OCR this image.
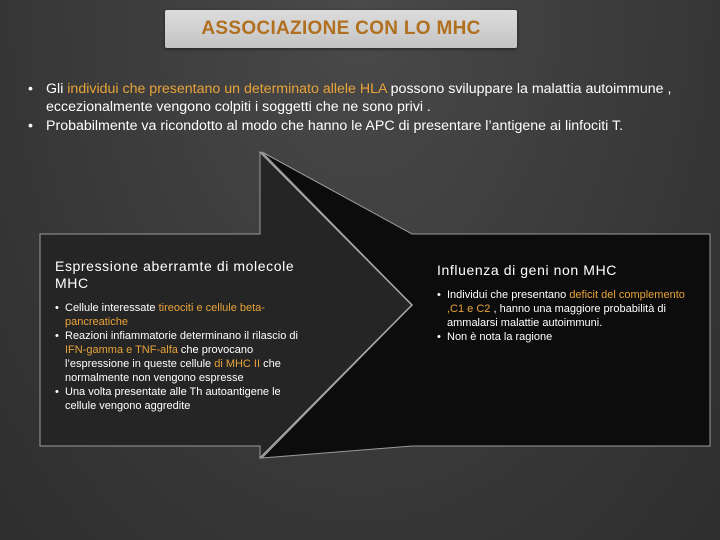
ASSOCIAZIONE CON LO MHC
• Gli individui che presentano un determinato allele HLA possono sviluppare la malattia autoimmune , eccezionalmente vengono colpiti i soggetti che ne sono privi .
• Probabilmente va ricondotto al modo che hanno le APC di presentare l’antigene ai linfociti T.
Espressione aberramte di molecole MHC
• Cellule interessate tireociti e cellule beta-pancreatiche
• Reazioni infiammatorie determinano il rilascio di IFN-gamma e TNF-alfa che provocano l’espressione in queste cellule di MHC II che normalmente non vengono espresse
• Una volta presentate alle Th autoantigene le cellule vengono aggredite
Influenza di geni non MHC
• Individui che presentano deficit del complemento ,C1 e C2 , hanno una maggiore probabilità di ammalarsi malattie autoimmuni.
• Non è nota la ragione
